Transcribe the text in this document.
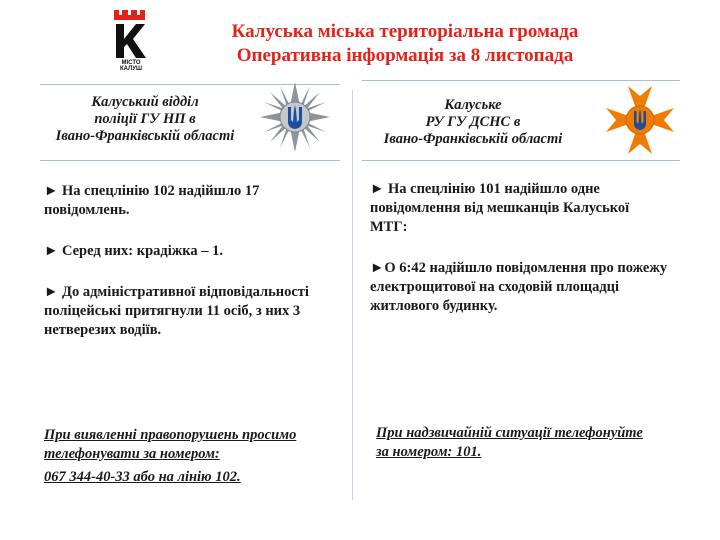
МІСТО КАЛУШ
Калуська міська територіальна громада
Оперативна інформація за 8 листопада
Калуський відділ
поліції ГУ НП в
Івано-Франківській області
Калуське
РУ ГУ ДСНС в
Івано-Франківській області

► На спецлінію 102 надійшло 17 повідомлень.

► Серед них: крадіжка – 1.

► До адміністративної відповідальності поліцейські притягнули 11 осіб, з них 3 нетверезих водіїв.

► На спецлінію 101 надійшло одне повідомлення від мешканців Калуської МТГ:

►О 6:42 надійшло повідомлення про пожежу електрощитової на сходовій площадці житлового будинку.

При виявленні правопорушень просимо
телефонувати за номером:
067 344-40-33 або на лінію 102.
При надзвичайній ситуації телефонуйте
за номером: 101.
